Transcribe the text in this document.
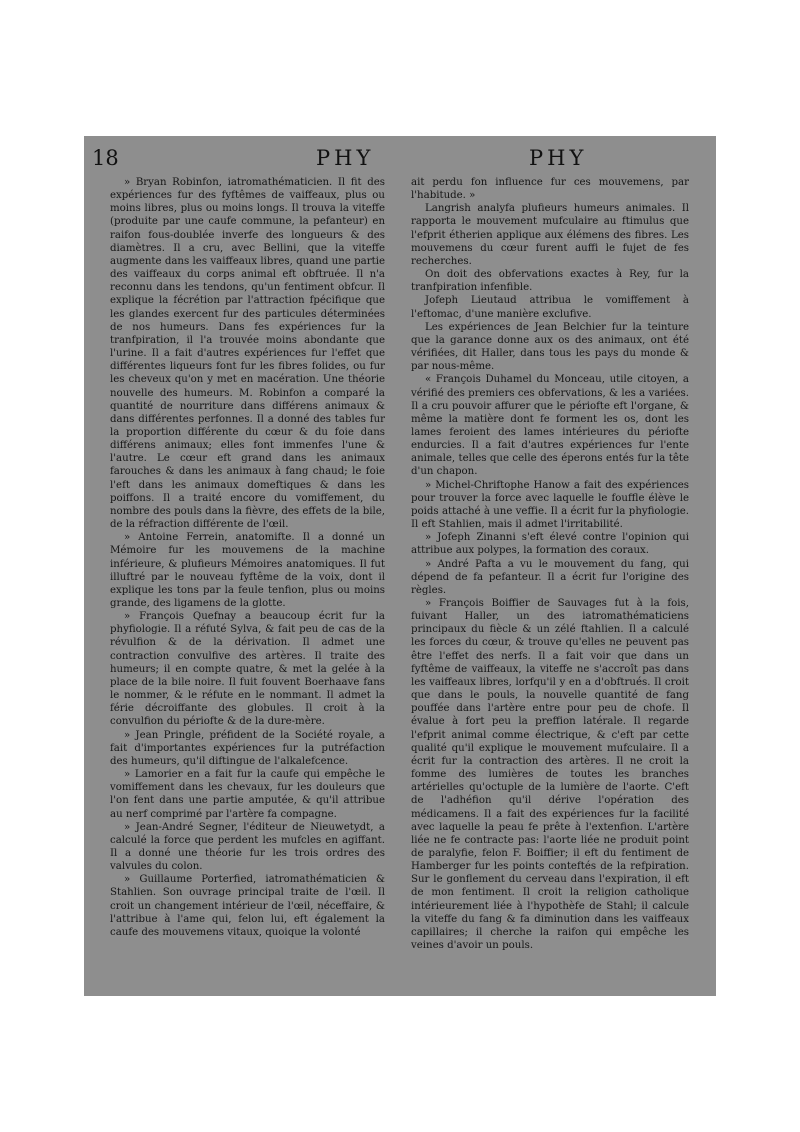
18	PHY	PHY

» Bryan Robinfon, iatromathématicien. Il fit des expériences fur des fyftêmes de vaiffeaux, plus ou moins libres, plus ou moins longs. Il trouva la viteffe (produite par une caufe commune, la pefanteur) en raifon fous-doublée inverfe des longueurs & des diamètres. Il a cru, avec Bellini, que la viteffe augmente dans les vaiffeaux libres, quand une partie des vaiffeaux du corps animal eft obftruée. Il n'a reconnu dans les tendons, qu'un fentiment obfcur. Il explique la fécrétion par l'attraction fpécifique que les glandes exercent fur des particules déterminées de nos humeurs. Dans fes expériences fur la tranfpiration, il l'a trouvée moins abondante que l'urine. Il a fait d'autres expériences fur l'effet que différentes liqueurs font fur les fibres folides, ou fur les cheveux qu'on y met en macération. Une théorie nouvelle des humeurs. M. Robinfon a comparé la quantité de nourriture dans différens animaux & dans différentes perfonnes. Il a donné des tables fur la proportion différente du cœur & du foie dans différens animaux; elles font immenfes l'une & l'autre. Le cœur eft grand dans les animaux farouches & dans les animaux à fang chaud; le foie l'eft dans les animaux domeftiques & dans les poiffons. Il a traité encore du vomiffement, du nombre des pouls dans la fièvre, des effets de la bile, de la réfraction différente de l'œil.

» Antoine Ferrein, anatomifte. Il a donné un Mémoire fur les mouvemens de la machine inférieure, & plufieurs Mémoires anatomiques. Il fut illuftré par le nouveau fyftême de la voix, dont il explique les tons par la feule tenfion, plus ou moins grande, des ligamens de la glotte.

» François Quefnay a beaucoup écrit fur la phyfiologie. Il a réfuté Sylva, & fait peu de cas de la révulfion & de la dérivation. Il admet une contraction convulfive des artères. Il traite des humeurs; il en compte quatre, & met la gelée à la place de la bile noire. Il fuit fouvent Boerhaave fans le nommer, & le réfute en le nommant. Il admet la férie décroiffante des globules. Il croit à la convulfion du périofte & de la dure-mère.

» Jean Pringle, préfident de la Société royale, a fait d'importantes expériences fur la putréfaction des humeurs, qu'il diftingue de l'alkalefcence.

» Lamorier en a fait fur la caufe qui empêche le vomiffement dans les chevaux, fur les douleurs que l'on fent dans une partie amputée, & qu'il attribue au nerf comprimé par l'artère fa compagne.

» Jean-André Segner, l'éditeur de Nieuwetydt, a calculé la force que perdent les mufcles en agiffant. Il a donné une théorie fur les trois ordres des valvules du colon.

» Guillaume Porterfied, iatromathématicien & Stahlien. Son ouvrage principal traite de l'œil. Il croit un changement intérieur de l'œil, néceffaire, & l'attribue à l'ame qui, felon lui, eft également la caufe des mouvemens vitaux, quoique la volonté

ait perdu fon influence fur ces mouvemens, par l'habitude. »

Langrish analyfa plufieurs humeurs animales. Il rapporta le mouvement mufculaire au ftimulus que l'efprit étherien applique aux élémens des fibres. Les mouvemens du cœur furent auffi le fujet de fes recherches.

On doit des obfervations exactes à Rey, fur la tranfpiration infenfible.

Jofeph Lieutaud attribua le vomiffement à l'eftomac, d'une manière exclufive.

Les expériences de Jean Belchier fur la teinture que la garance donne aux os des animaux, ont été vérifiées, dit Haller, dans tous les pays du monde & par nous-même.

« François Duhamel du Monceau, utile citoyen, a vérifié des premiers ces obfervations, & les a variées. Il a cru pouvoir affurer que le périofte eft l'organe, & même la matière dont fe forment les os, dont les lames feroient des lames intérieures du périofte endurcies. Il a fait d'autres expériences fur l'ente animale, telles que celle des éperons entés fur la tête d'un chapon.

» Michel-Chriftophe Hanow a fait des expériences pour trouver la force avec laquelle le fouffle élève le poids attaché à une veffie. Il a écrit fur la phyfiologie. Il eft Stahlien, mais il admet l'irritabilité.

» Jofeph Zinanni s'eft élevé contre l'opinion qui attribue aux polypes, la formation des coraux.

» André Pafta a vu le mouvement du fang, qui dépend de fa pefanteur. Il a écrit fur l'origine des règles.

» François Boiffier de Sauvages fut à la fois, fuivant Haller, un des iatromathématiciens principaux du fiècle & un zélé ftahlien. Il a calculé les forces du cœur, & trouve qu'elles ne peuvent pas être l'effet des nerfs. Il a fait voir que dans un fyftême de vaiffeaux, la viteffe ne s'accroît pas dans les vaiffeaux libres, lorfqu'il y en a d'obftrués. Il croit que dans le pouls, la nouvelle quantité de fang pouffée dans l'artère entre pour peu de chofe. Il évalue à fort peu la preffion latérale. Il regarde l'efprit animal comme électrique, & c'eft par cette qualité qu'il explique le mouvement mufculaire. Il a écrit fur la contraction des artères. Il ne croit la fomme des lumières de toutes les branches artérielles qu'octuple de la lumière de l'aorte. C'eft de l'adhéfion qu'il dérive l'opération des médicamens. Il a fait des expériences fur la facilité avec laquelle la peau fe prête à l'extenfion. L'artère liée ne fe contracte pas: l'aorte liée ne produit point de paralyfie, felon F. Boiffier; il eft du fentiment de Hamberger fur les points conteftés de la refpiration. Sur le gonflement du cerveau dans l'expiration, il eft de mon fentiment. Il croit la religion catholique intérieurement liée à l'hypothèfe de Stahl; il calcule la viteffe du fang & fa diminution dans les vaiffeaux capillaires; il cherche la raifon qui empêche les veines d'avoir un pouls.
